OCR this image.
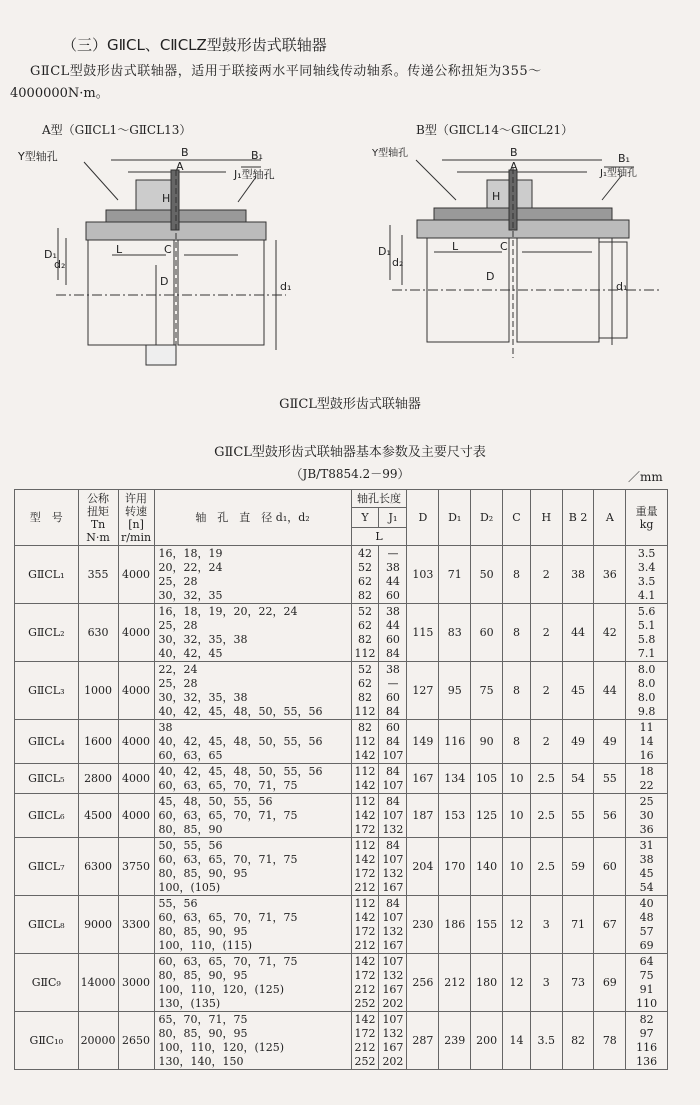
（三）GⅡCL、CⅡCLZ型鼓形齿式联轴器
GⅡCL型鼓形齿式联轴器，适用于联接两水平同轴线传动轴系。传递公称扭矩为355～
4000000N·m。
A型（GⅡCL1～GⅡCL13）	B型（GⅡCL14～GⅡCL21）
B	B₁
A
Y型轴孔
J₁型轴孔
H
L	C
D
D₁
d₂
d₁
B	B₁
A
Y型轴孔
J₁型轴孔
H
L	C
D
D₁
d₂
d₁
GⅡCL型鼓形齿式联轴器
GⅡCL型鼓形齿式联轴器基本参数及主要尺寸表
（JB/T8854.2－99）	／mm
型　号	公称 扭矩 Tn N·m	许用 转速 [n] r/min	轴　孔　直　径 d₁，d₂	轴孔长度		D	D₁	D₂	C	H	B 2	A	重量 kg
				Y	J₁								
				L									
GⅡCL₁	355	4000	16，18，19
20，22，24
25，28
30，32，35	42
52
62
82	—
38
44
60	103	71	50	8	2	38	36	3.5
3.4
3.5
4.1
GⅡCL₂	630	4000	16，18，19，20，22，24
25，28
30，32，35，38
40，42，45	52
62
82
112	38
44
60
84	115	83	60	8	2	44	42	5.6
5.1
5.8
7.1
GⅡCL₃	1000	4000	22，24
25，28
30，32，35，38
40，42，45，48，50，55，56	52
62
82
112	38
—
60
84	127	95	75	8	2	45	44	8.0
8.0
8.0
9.8
GⅡCL₄	1600	4000	38
40，42，45，48，50，55，56
60，63，65	82
112
142	60
84
107	149	116	90	8	2	49	49	11
14
16
GⅡCL₅	2800	4000	40，42，45，48，50，55，56
60，63，65，70，71，75	112
142	84
107	167	134	105	10	2.5	54	55	18
22
GⅡCL₆	4500	4000	45，48，50，55，56
60，63，65，70，71，75
80，85，90	112
142
172	84
107
132	187	153	125	10	2.5	55	56	25
30
36
GⅡCL₇	6300	3750	50，55，56
60，63，65，70，71，75
80，85，90，95
100，(105)	112
142
172
212	84
107
132
167	204	170	140	10	2.5	59	60	31
38
45
54
GⅡCL₈	9000	3300	55，56
60，63，65，70，71，75
80，85，90，95
100，110，(115)	112
142
172
212	84
107
132
167	230	186	155	12	3	71	67	40
48
57
69
GⅡC₉	14000	3000	60，63，65，70，71，75
80，85，90，95
100，110，120，(125)
130，(135)	142
172
212
252	107
132
167
202	256	212	180	12	3	73	69	64
75
91
110
GⅡC₁₀	20000	2650	65，70，71，75
80，85，90，95
100，110，120，(125)
130，140，150	142
172
212
252	107
132
167
202	287	239	200	14	3.5	82	78	82
97
116
136
